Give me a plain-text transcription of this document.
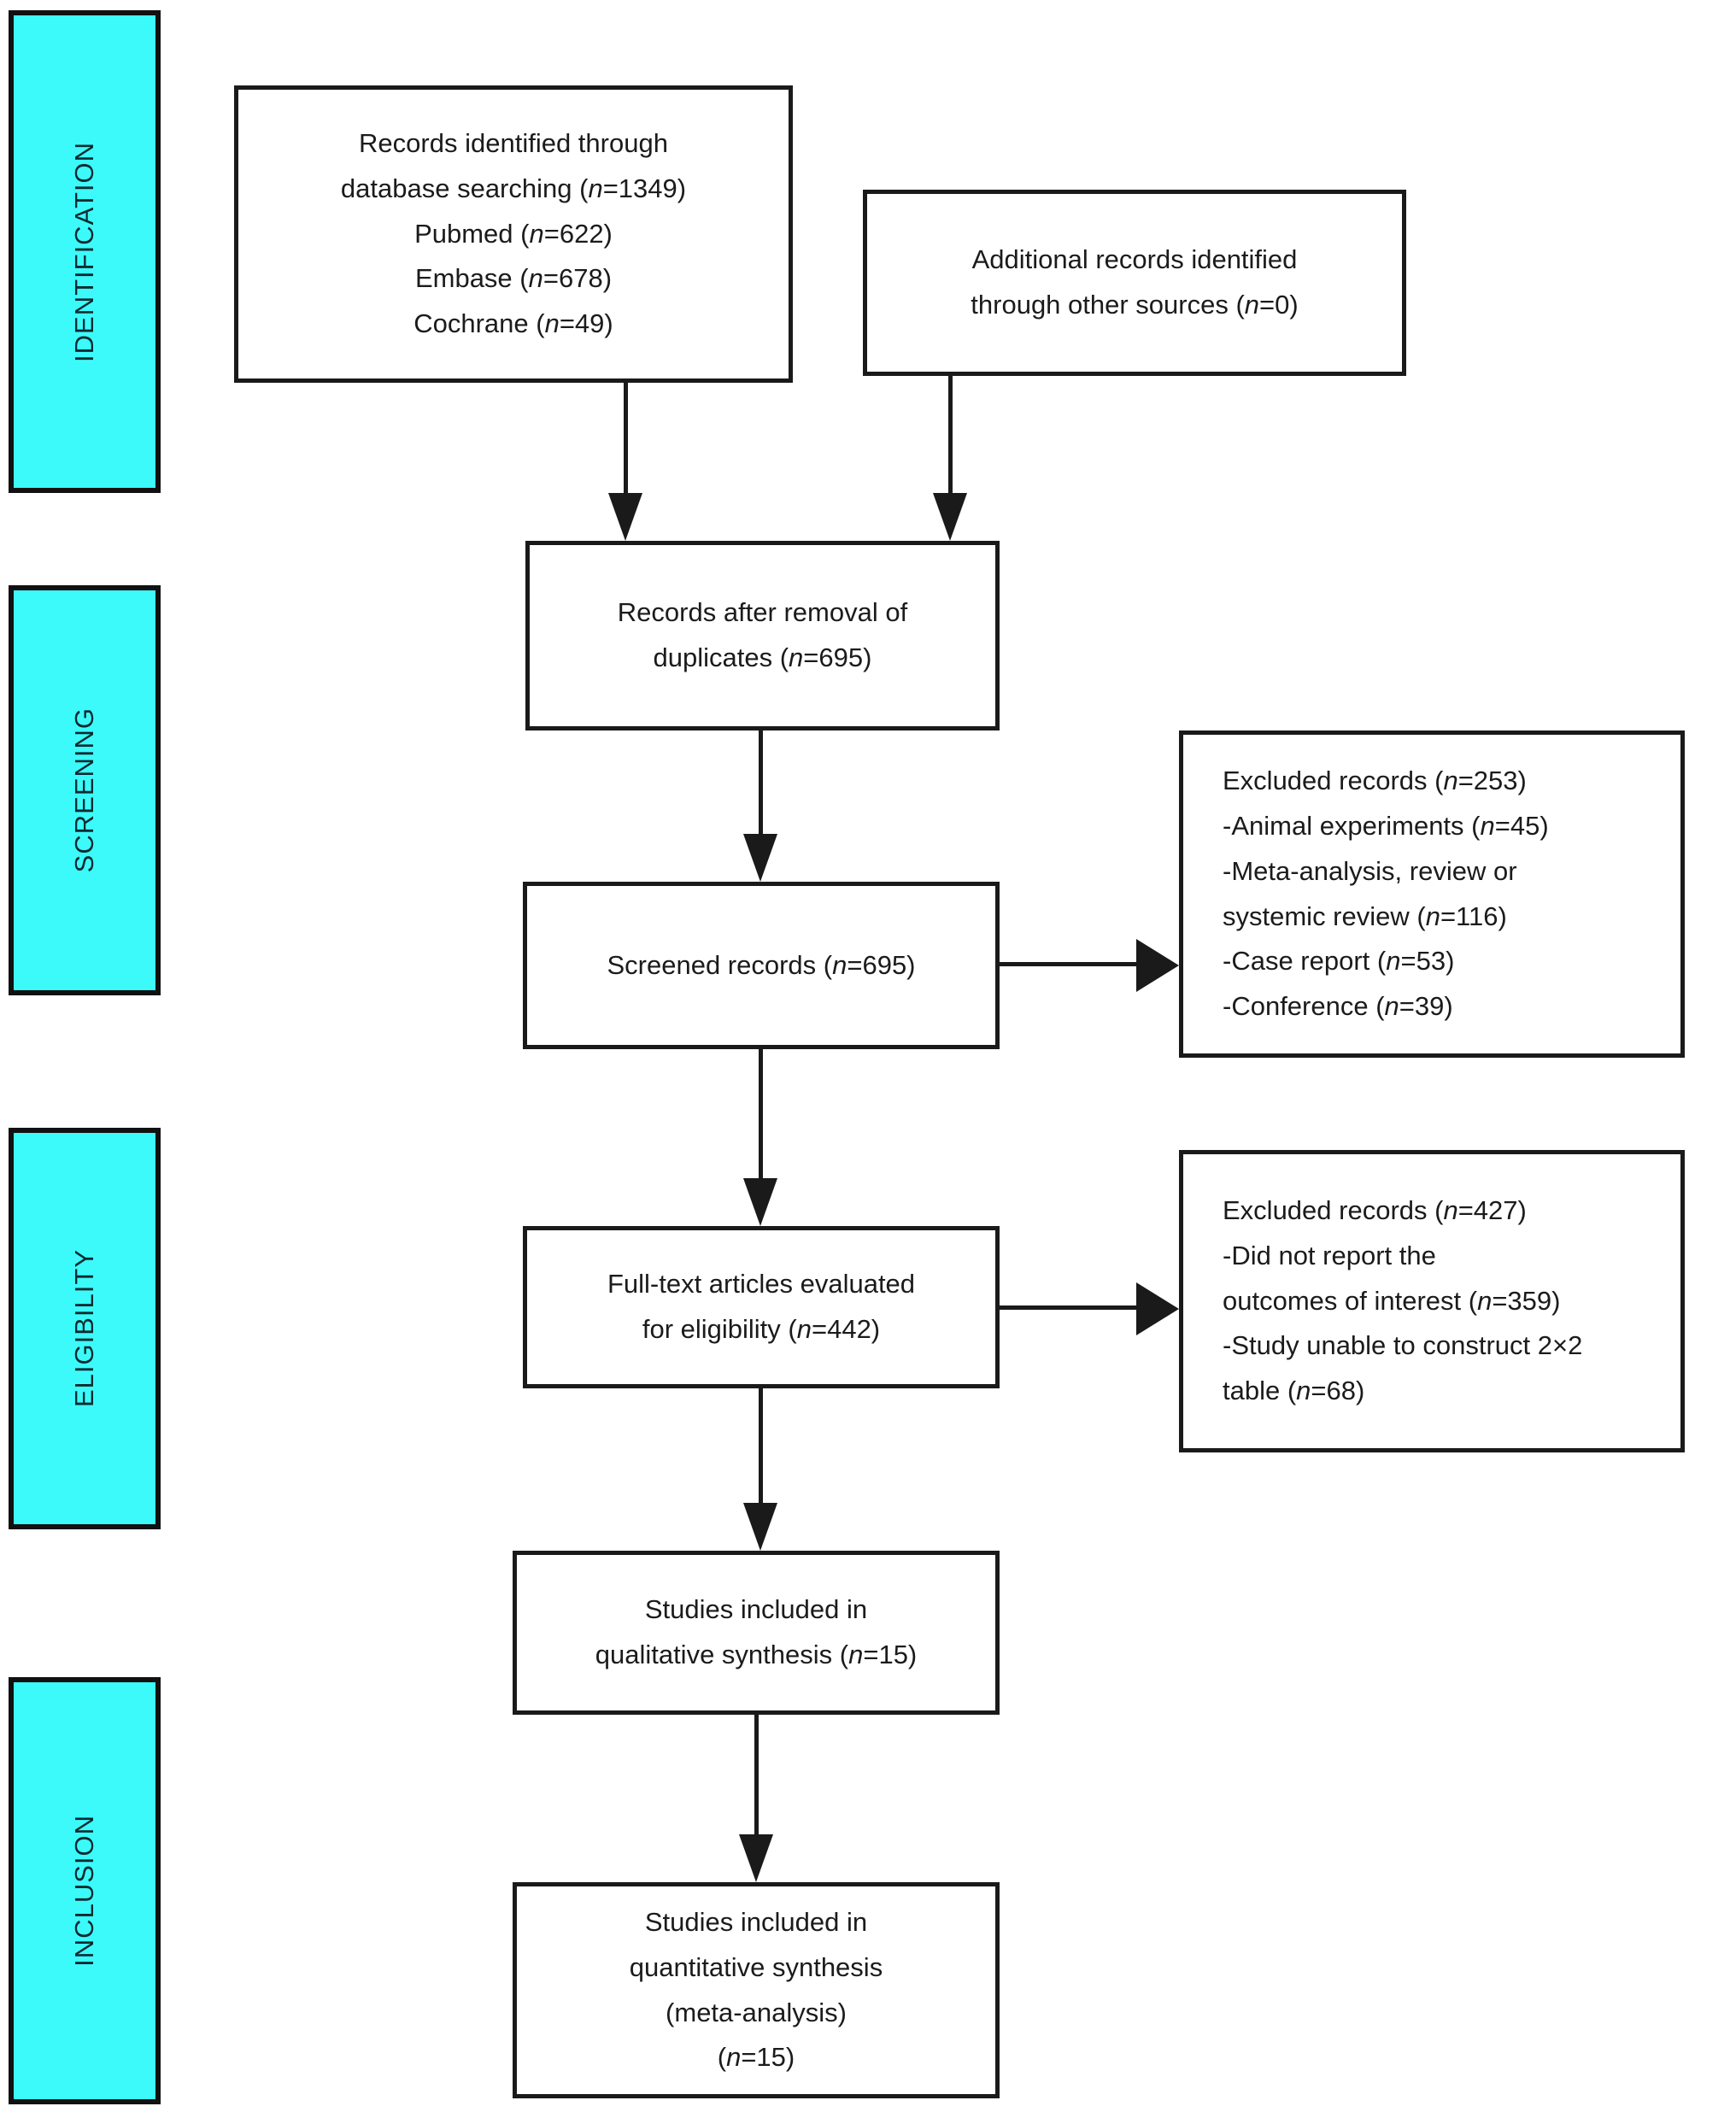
IDENTIFICATION
SCREENING
ELIGIBILITY
INCLUSION
Records identified through
database searching (n=1349)
Pubmed (n=622)
Embase (n=678)
Cochrane (n=49)
Additional records identified
through other sources (n=0)
Records after removal of
duplicates (n=695)
Screened records (n=695)
Excluded records (n=253)
-Animal experiments (n=45)
-Meta-analysis, review or
systemic review (n=116)
-Case report (n=53)
-Conference (n=39)
Full-text articles evaluated
for eligibility (n=442)
Excluded records (n=427)
-Did not report the
outcomes of interest (n=359)
-Study unable to construct 2×2
table (n=68)
Studies included in
qualitative synthesis (n=15)
Studies included in
quantitative synthesis
(meta-analysis)
(n=15)
